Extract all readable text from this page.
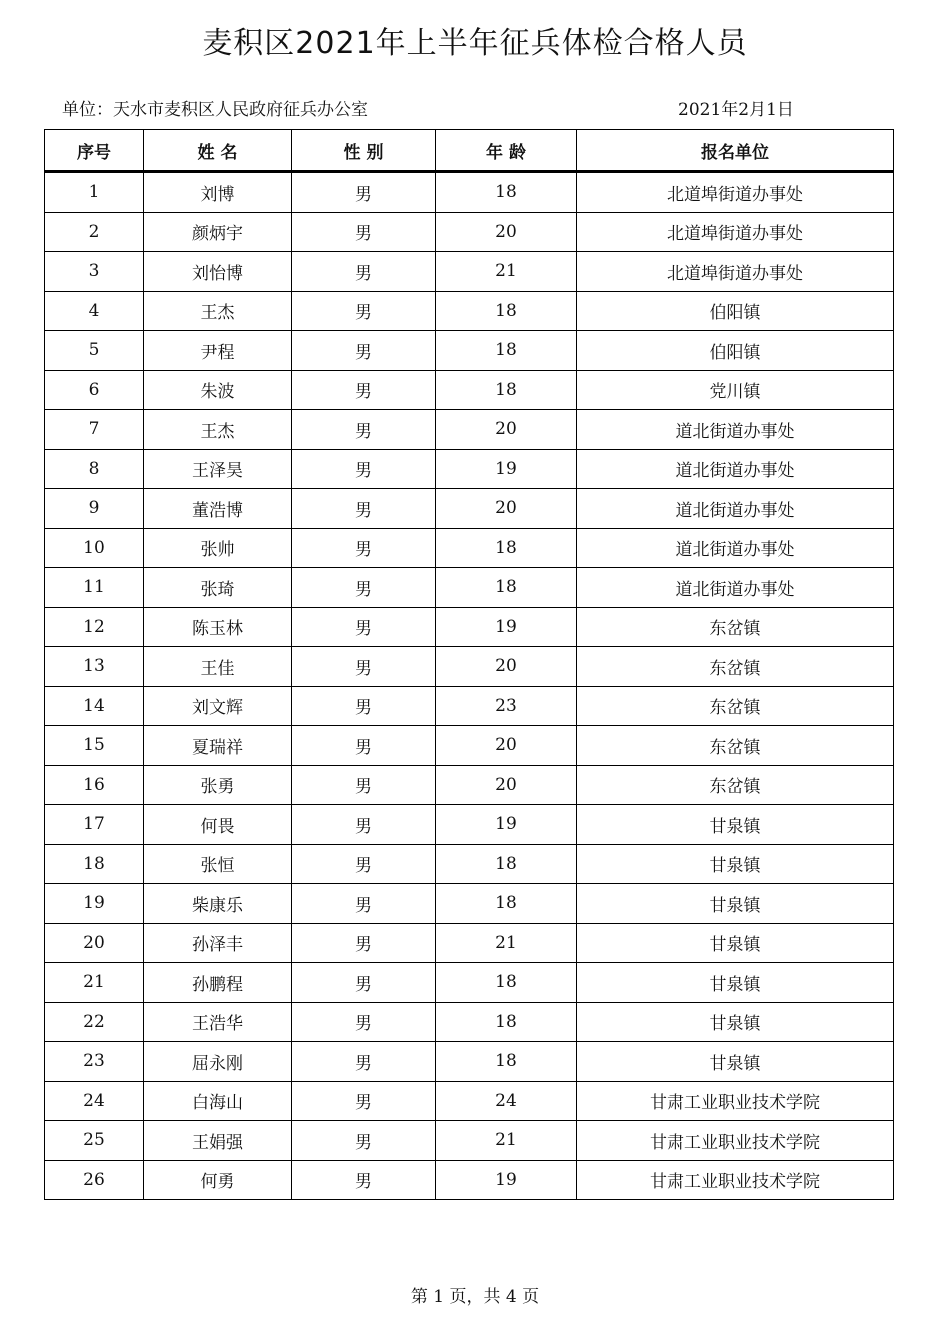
麦积区2021年上半年征兵体检合格人员
单位：天水市麦积区人民政府征兵办公室	2021年2月1日
序号	姓 名	性 别	年 龄	报名单位
1	刘博	男	18	北道埠街道办事处
2	颜炳宇	男	20	北道埠街道办事处
3	刘怡博	男	21	北道埠街道办事处
4	王杰	男	18	伯阳镇
5	尹程	男	18	伯阳镇
6	朱波	男	18	党川镇
7	王杰	男	20	道北街道办事处
8	王泽昊	男	19	道北街道办事处
9	董浩博	男	20	道北街道办事处
10	张帅	男	18	道北街道办事处
11	张琦	男	18	道北街道办事处
12	陈玉林	男	19	东岔镇
13	王佳	男	20	东岔镇
14	刘文辉	男	23	东岔镇
15	夏瑞祥	男	20	东岔镇
16	张勇	男	20	东岔镇
17	何畏	男	19	甘泉镇
18	张恒	男	18	甘泉镇
19	柴康乐	男	18	甘泉镇
20	孙泽丰	男	21	甘泉镇
21	孙鹏程	男	18	甘泉镇
22	王浩华	男	18	甘泉镇
23	屈永刚	男	18	甘泉镇
24	白海山	男	24	甘肃工业职业技术学院
25	王娟强	男	21	甘肃工业职业技术学院
26	何勇	男	19	甘肃工业职业技术学院
第 1 页，共 4 页
